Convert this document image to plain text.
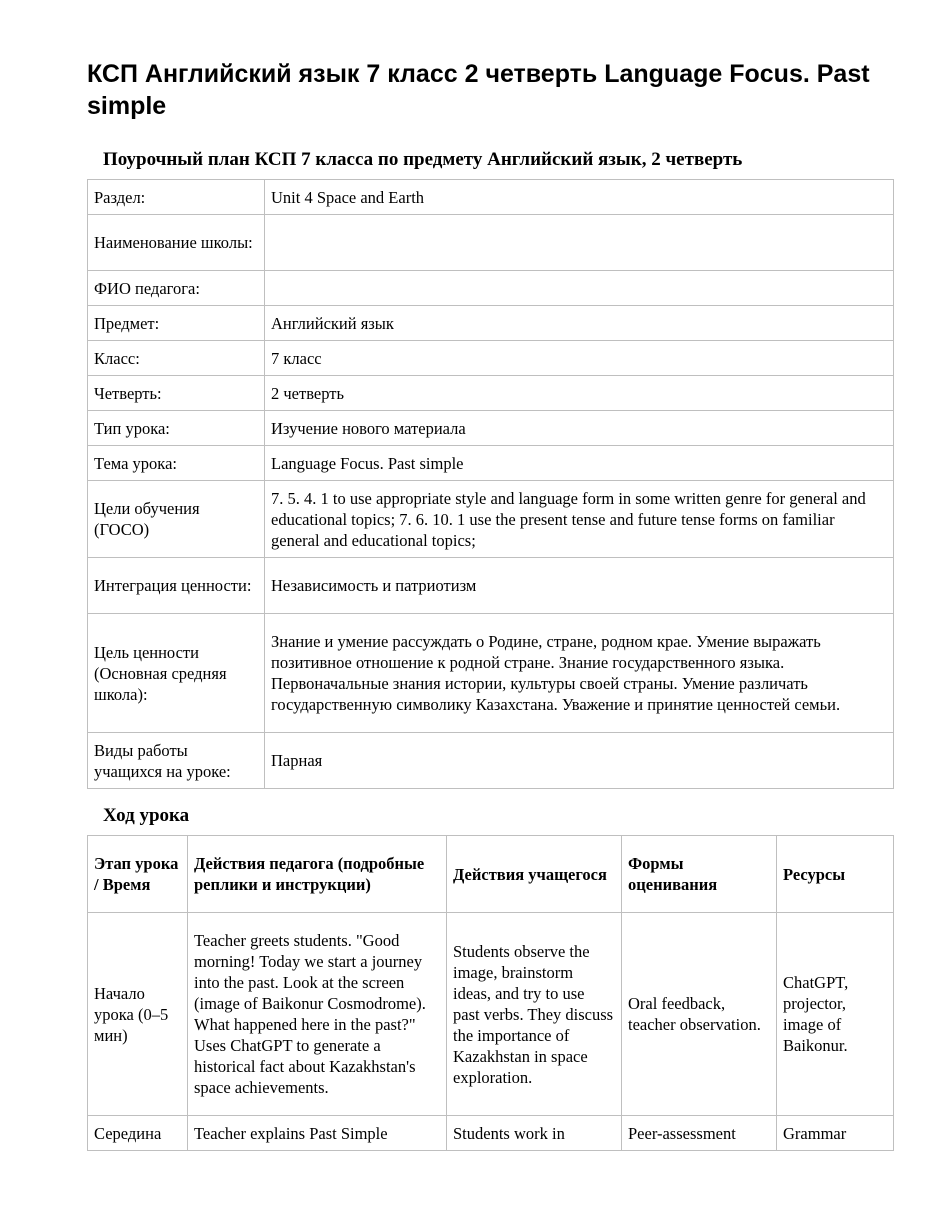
КСП Английский язык 7 класс 2 четверть Language Focus. Past simple
Поурочный план КСП 7 класса по предмету Английский язык, 2 четверть
Раздел:	Unit 4 Space and Earth
Наименование школы:	
ФИО педагога:	
Предмет:	Английский язык
Класс:	7 класс
Четверть:	2 четверть
Тип урока:	Изучение нового материала
Тема урока:	Language Focus. Past simple
Цели обучения (ГОСО)	7. 5. 4. 1 to use appropriate style and language form in some written genre for general and educational topics; 7. 6. 10. 1 use the present tense and future tense forms on familiar general and educational topics;
Интеграция ценности:	Независимость и патриотизм
Цель ценности (Основная средняя школа):	Знание и умение рассуждать о Родине, стране, родном крае. Умение выражать позитивное отношение к родной стране. Знание государственного языка. Первоначальные знания истории, культуры своей страны. Умение различать государственную символику Казахстана. Уважение и принятие ценностей семьи.
Виды работы учащихся на уроке:	Парная
Ход урока
Этап урока / Время	Действия педагога (подробные реплики и инструкции)	Действия учащегося	Формы оценивания	Ресурсы
Начало урока (0–5 мин)	Teacher greets students. "Good morning! Today we start a journey into the past. Look at the screen (image of Baikonur Cosmodrome). What happened here in the past?" Uses ChatGPT to generate a historical fact about Kazakhstan's space achievements.	Students observe the image, brainstorm ideas, and try to use past verbs. They discuss the importance of Kazakhstan in space exploration.	Oral feedback, teacher observation.	ChatGPT, projector, image of Baikonur.
Середина	Teacher explains Past Simple	Students work in	Peer-assessment	Grammar
